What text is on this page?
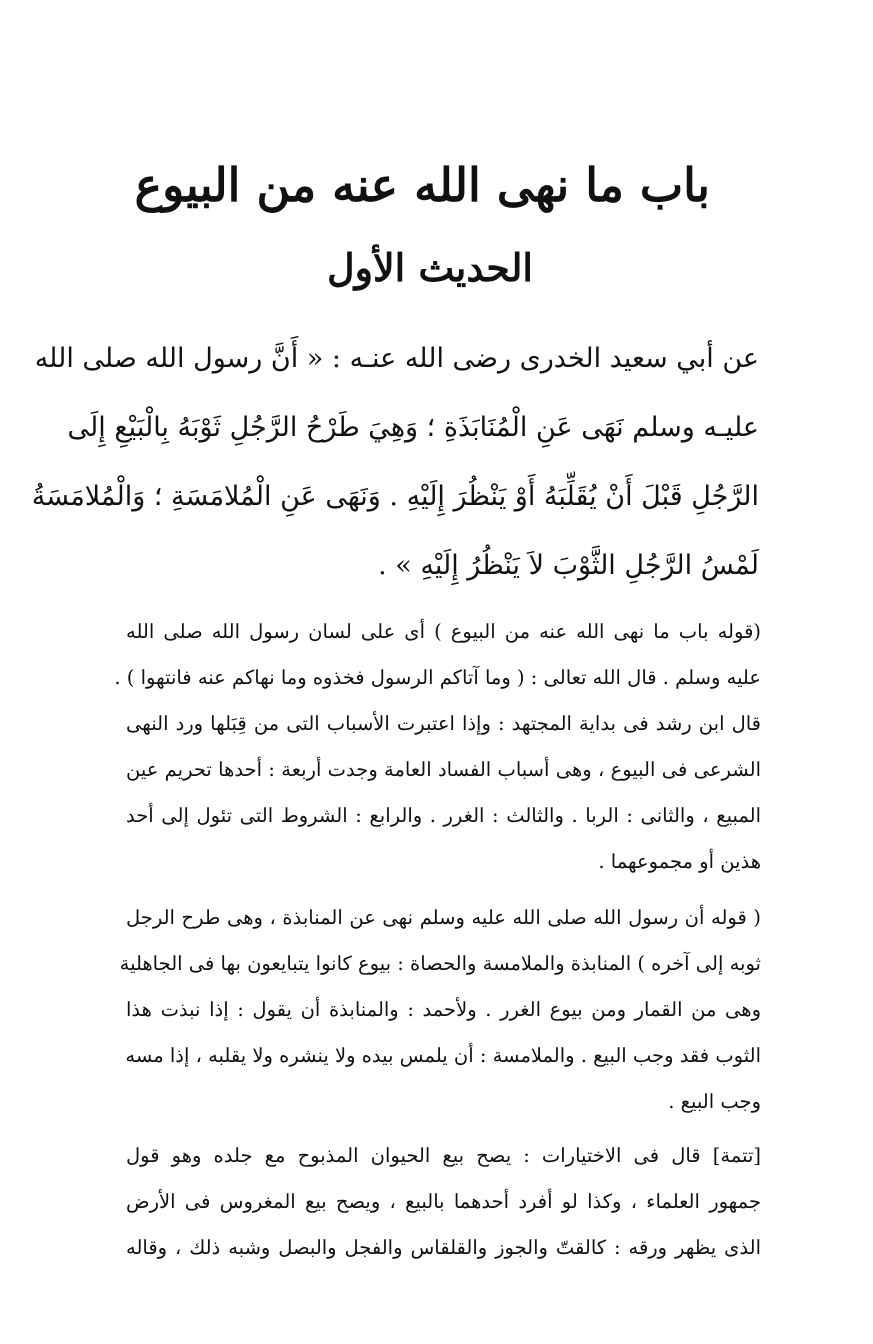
باب ما نهى الله عنه من البيوع
الحديث الأول
عن أبي سعيد الخدرى رضى الله عنـه : « أَنَّ رسول الله صلى الله
عليـه وسلم نَهَى عَنِ الْمُنَابَذَةِ ؛ وَهِيَ طَرْحُ الرَّجُلِ ثَوْبَهُ بِالْبَيْعِ إِلَى
الرَّجُلِ قَبْلَ أَنْ يُقَلِّبَهُ أَوْ يَنْظُرَ إِلَيْهِ . وَنَهَى عَنِ الْمُلامَسَةِ ؛ وَالْمُلامَسَةُ
لَمْسُ الرَّجُلِ الثَّوْبَ لاَ يَنْظُرُ إِلَيْهِ » .
(قوله باب ما نهى الله عنه من البيوع ) أى على لسان رسول الله صلى الله
عليه وسلم . قال الله تعالى : ( وما آتاكم الرسول فخذوه وما نهاكم عنه فانتهوا ) .
قال ابن رشد فى بداية المجتهد : وإذا اعتبرت الأسباب التى من قِبَلها ورد النهى
الشرعى فى البيوع ، وهى أسباب الفساد العامة وجدت أربعة : أحدها تحريم عين
المبيع ، والثانى : الربا . والثالث : الغرر . والرابع : الشروط التى تئول إلى أحد
هذين أو مجموعهما .
( قوله أن رسول الله صلى الله عليه وسلم نهى عن المنابذة ، وهى طرح الرجل
ثوبه إلى آخره ) المنابذة والملامسة والحصاة : بيوع كانوا يتبايعون بها فى الجاهلية
وهى من القمار ومن بيوع الغرر . ولأحمد : والمنابذة أن يقول : إذا نبذت هذا
الثوب فقد وجب البيع . والملامسة : أن يلمس بيده ولا ينشره ولا يقلبه ، إذا مسه
وجب البيع .
[تتمة] قال فى الاختيارات : يصح بيع الحيوان المذبوح مع جلده وهو قول
جمهور العلماء ، وكذا لو أفرد أحدهما بالبيع ، ويصح بيع المغروس فى الأرض
الذى يظهر ورقه : كالقتّ والجوز والقلقاس والفجل والبصل وشبه ذلك ، وقاله
